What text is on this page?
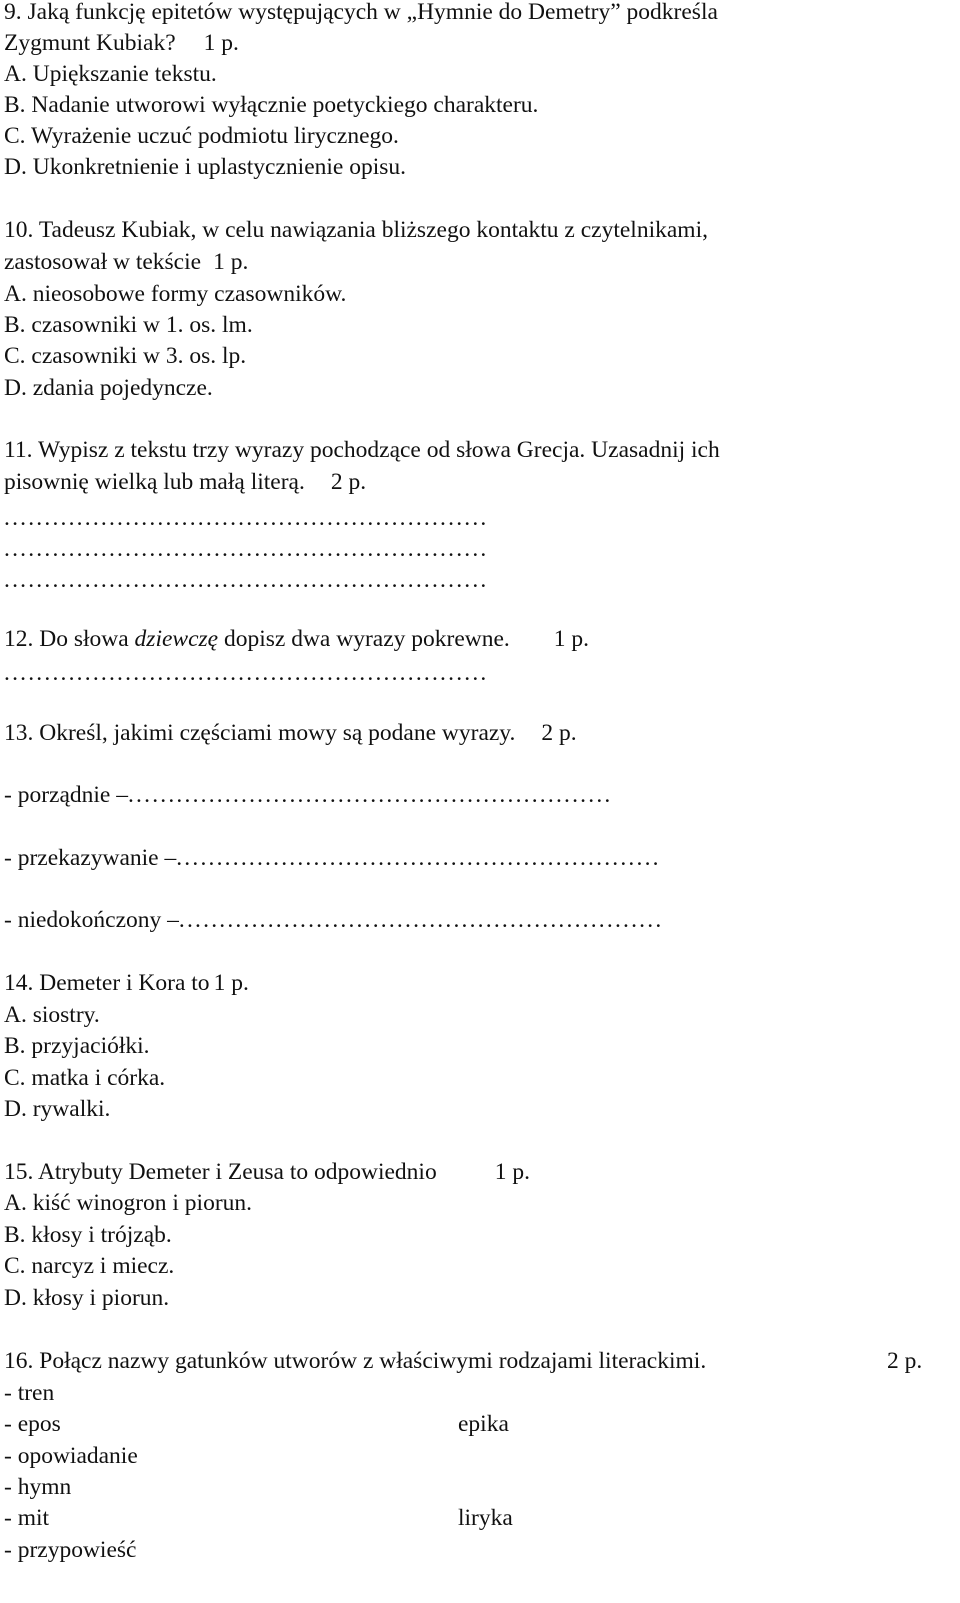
9. Jaką funkcję epitetów występujących w „Hymnie do Demetry” podkreśla
Zygmunt Kubiak? 1 p.
A. Upiększanie tekstu.
B. Nadanie utworowi wyłącznie poetyckiego charakteru.
C. Wyrażenie uczuć podmiotu lirycznego.
D. Ukonkretnienie i uplastycznienie opisu.
10. Tadeusz Kubiak, w celu nawiązania bliższego kontaktu z czytelnikami,
zastosował w tekście 1 p.
A. nieosobowe formy czasowników.
B. czasowniki w 1. os. lm.
C. czasowniki w 3. os. lp.
D. zdania pojedyncze.
11. Wypisz z tekstu trzy wyrazy pochodzące od słowa Grecja. Uzasadnij ich
pisownię wielką lub małą literą. 2 p.
............................................................
............................................................
............................................................
12. Do słowa dziewczę dopisz dwa wyrazy pokrewne. 1 p.
............................................................
13. Określ, jakimi częściami mowy są podane wyrazy. 2 p.
- porządnie –............................................................
- przekazywanie –............................................................
- niedokończony –............................................................
14. Demeter i Kora to 1 p.
A. siostry.
B. przyjaciółki.
C. matka i córka.
D. rywalki.
15. Atrybuty Demeter i Zeusa to odpowiednio 1 p.
A. kiść winogron i piorun.
B. kłosy i trójząb.
C. narcyz i miecz.
D. kłosy i piorun.
16. Połącz nazwy gatunków utworów z właściwymi rodzajami literackimi.	2 p.
- tren
- epos	epika
- opowiadanie
- hymn
- mit	liryka
- przypowieść
